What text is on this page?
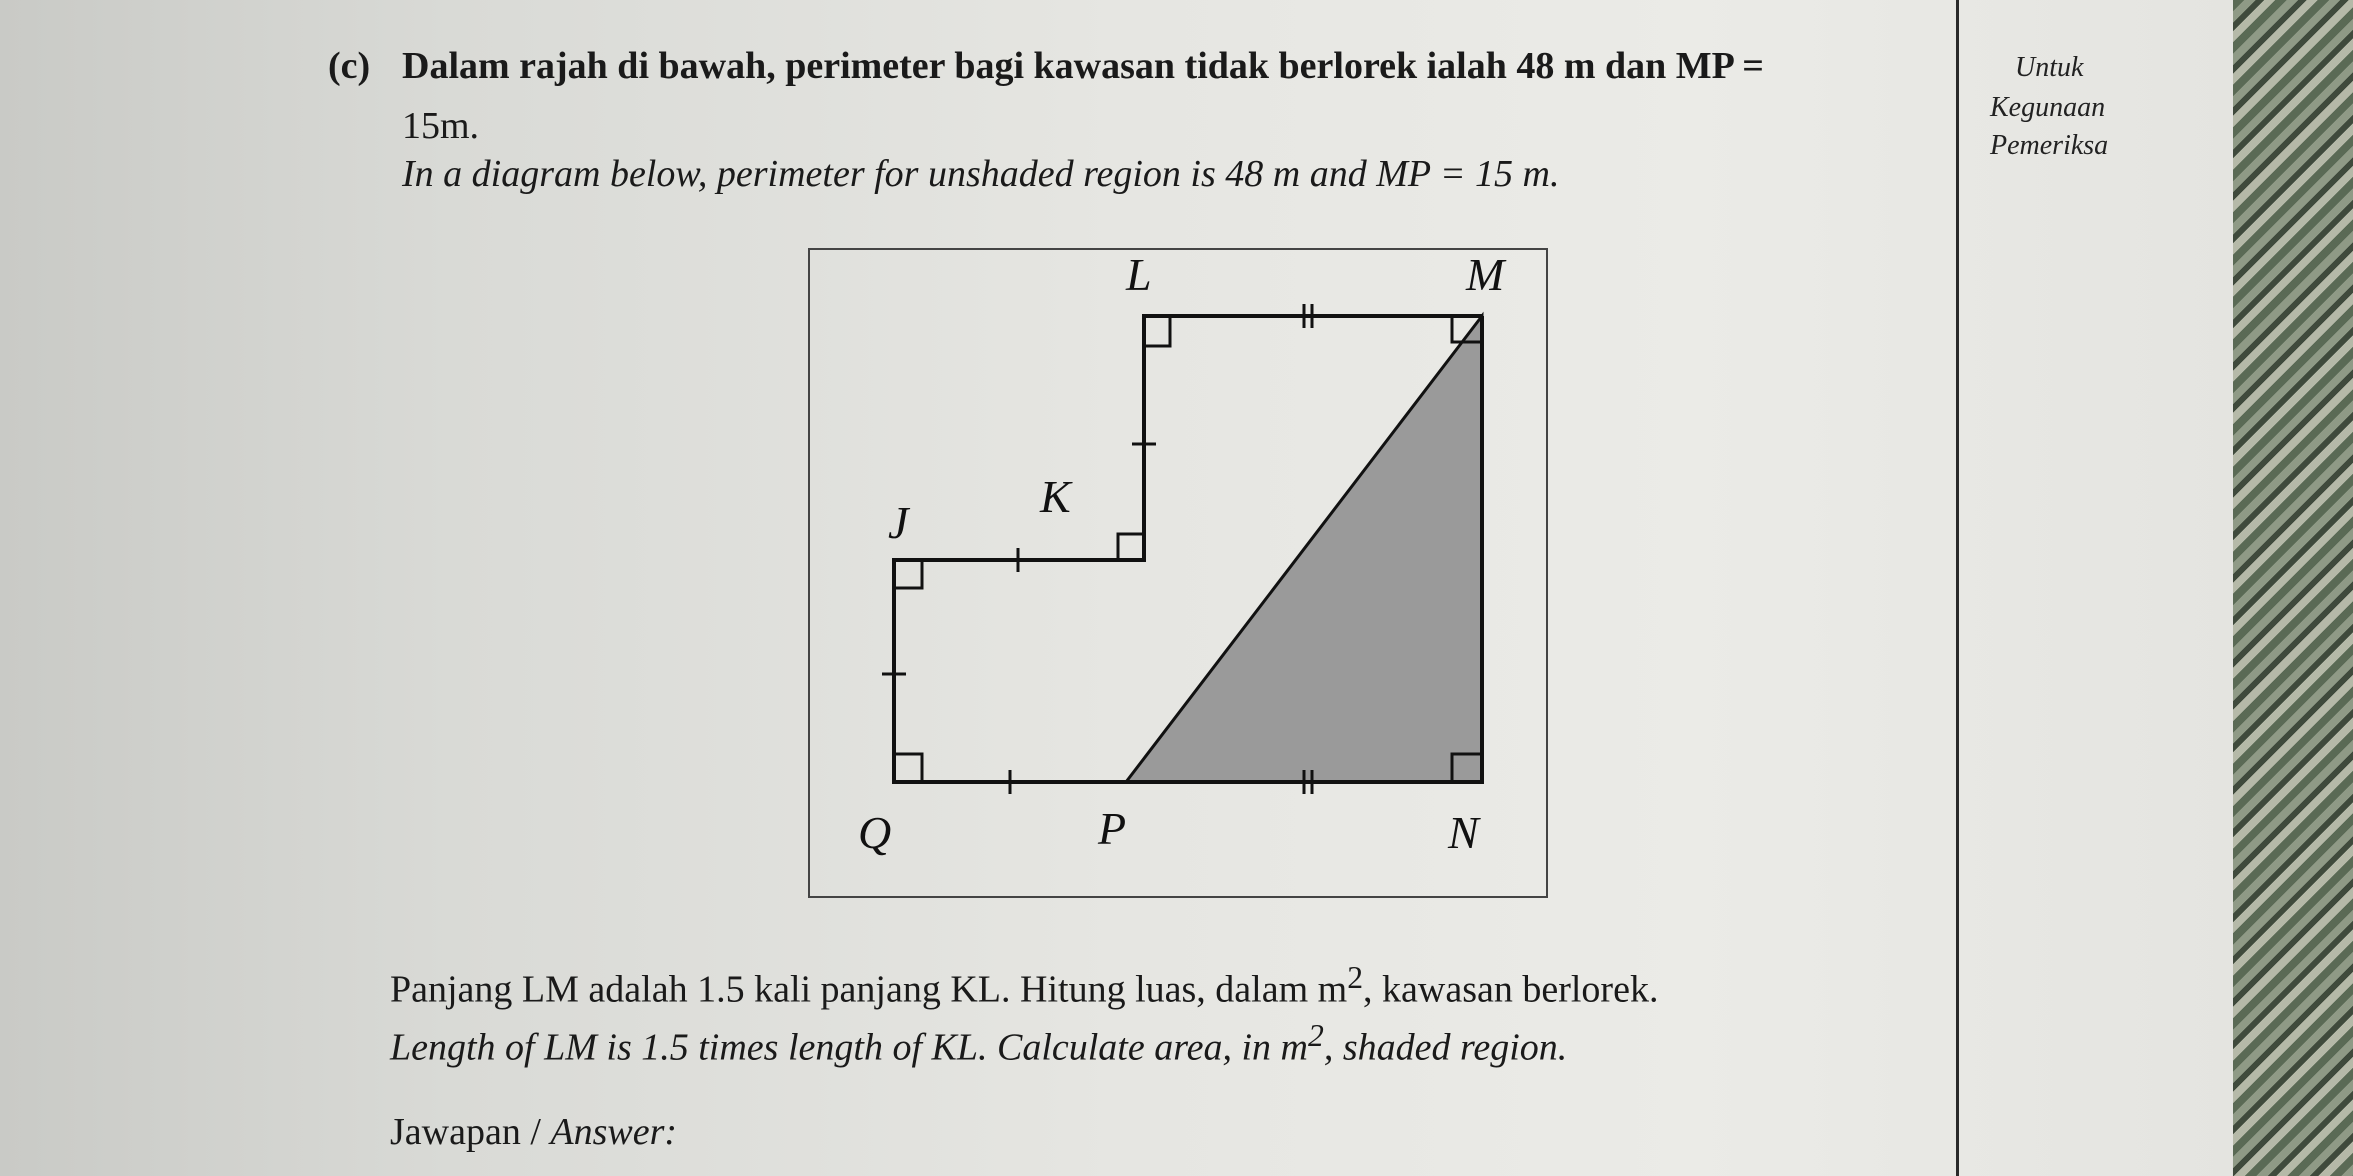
(c) Dalam rajah di bawah, perimeter bagi kawasan tidak berlorek ialah 48 m dan MP =
15m.
In a diagram below, perimeter for unshaded region is 48 m and MP = 15 m.
Untuk
Kegunaan
Pemeriksa
L	M
J
K
Q	P	N
Panjang LM adalah 1.5 kali panjang KL. Hitung luas, dalam $m^2$, kawasan berlorek.
Length of LM is 1.5 times length of KL. Calculate area, in $m^2$, shaded region.
Jawapan / Answer:
